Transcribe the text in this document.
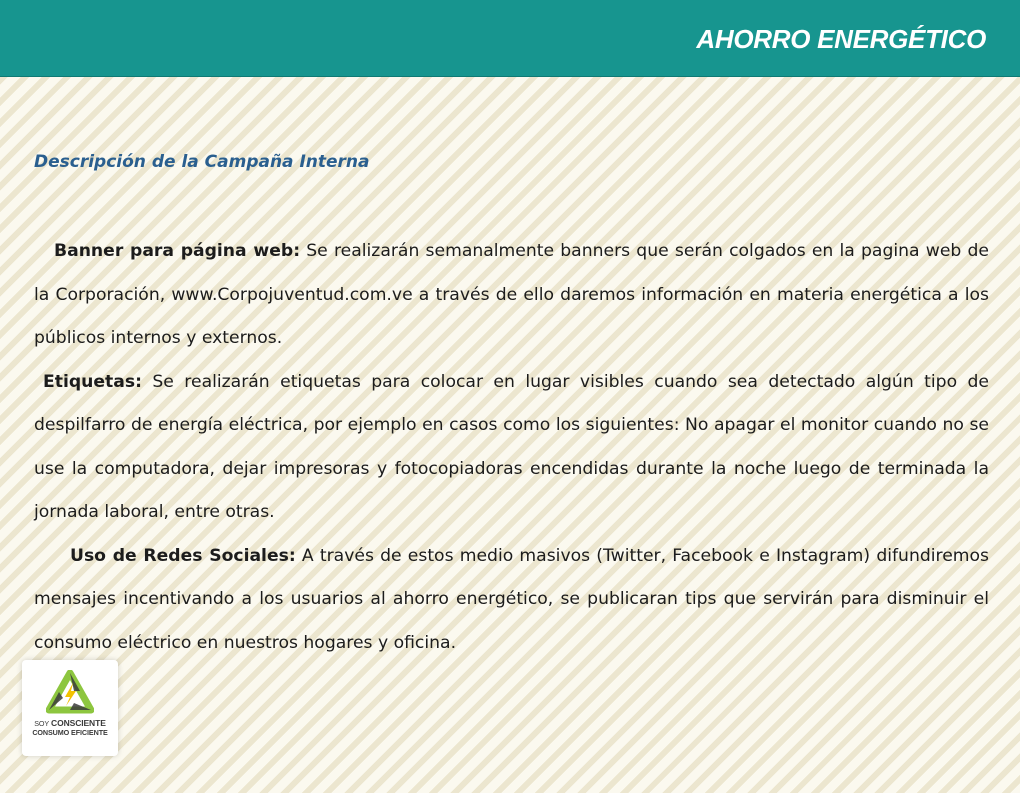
AHORRO ENERGÉTICO
Descripción de la Campaña Interna

Banner para página web: Se realizarán semanalmente banners que serán colgados en la pagina web de la Corporación, www.Corpojuventud.com.ve a través de ello daremos información en materia energética a los públicos internos y externos.

Etiquetas: Se realizarán etiquetas para colocar en lugar visibles cuando sea detectado algún tipo de despilfarro de energía eléctrica, por ejemplo en casos como los siguientes: No apagar el monitor cuando no se use la computadora, dejar impresoras y fotocopiadoras encendidas durante la noche luego de terminada la jornada laboral, entre otras.

Uso de Redes Sociales: A través de estos medio masivos (Twitter, Facebook e Instagram) difundiremos mensajes incentivando a los usuarios al ahorro energético, se publicaran tips que servirán para disminuir el consumo eléctrico en nuestros hogares y oficina.

SOY CONSCIENTE
CONSUMO EFICIENTE
